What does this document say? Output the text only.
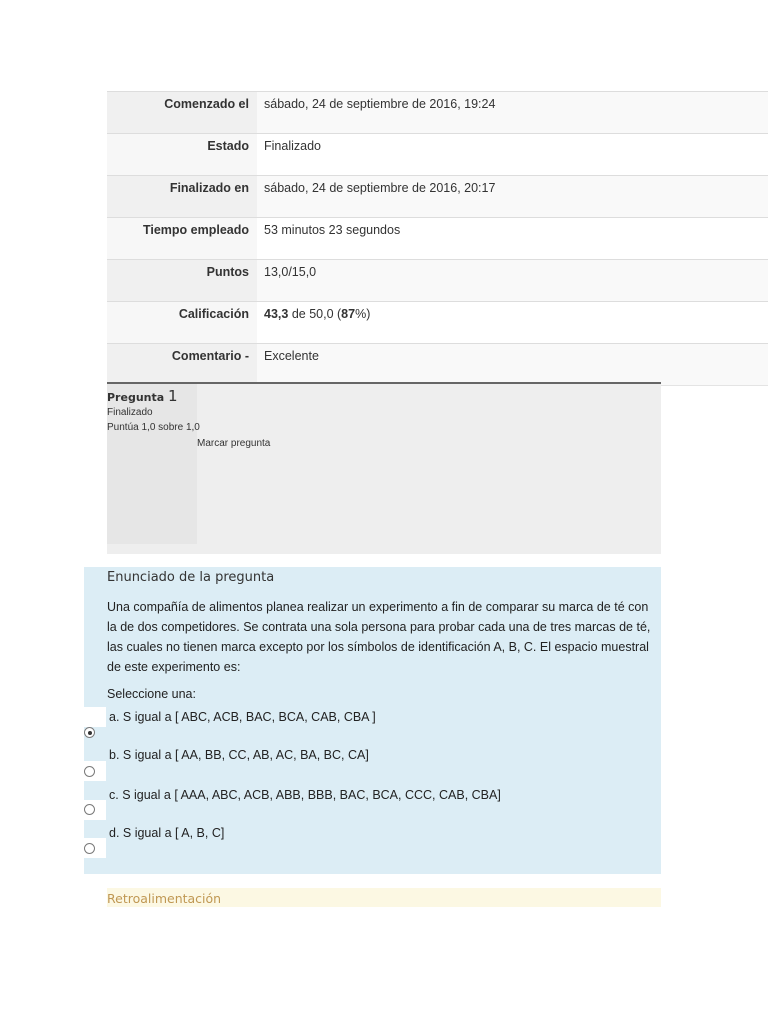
Comenzado el	sábado, 24 de septiembre de 2016, 19:24
Estado	Finalizado
Finalizado en	sábado, 24 de septiembre de 2016, 20:17
Tiempo empleado	53 minutos 23 segundos
Puntos	13,0/15,0
Calificación	43,3 de 50,0 (87%)
Comentario -	Excelente
Pregunta 1
Finalizado
Puntúa 1,0 sobre 1,0
Marcar pregunta
Enunciado de la pregunta
Una compañía de alimentos planea realizar un experimento a fin de comparar su marca de té con la de dos competidores. Se contrata una sola persona para probar cada una de tres marcas de té, las cuales no tienen marca excepto por los símbolos de identificación A, B, C. El espacio muestral de este experimento es:
Seleccione una:
a. S igual a [ ABC, ACB, BAC, BCA, CAB, CBA ]
b. S igual a [ AA, BB, CC, AB, AC, BA, BC, CA]
c. S igual a [ AAA, ABC, ACB, ABB, BBB, BAC, BCA, CCC, CAB, CBA]
d. S igual a [ A, B, C]
Retroalimentación
